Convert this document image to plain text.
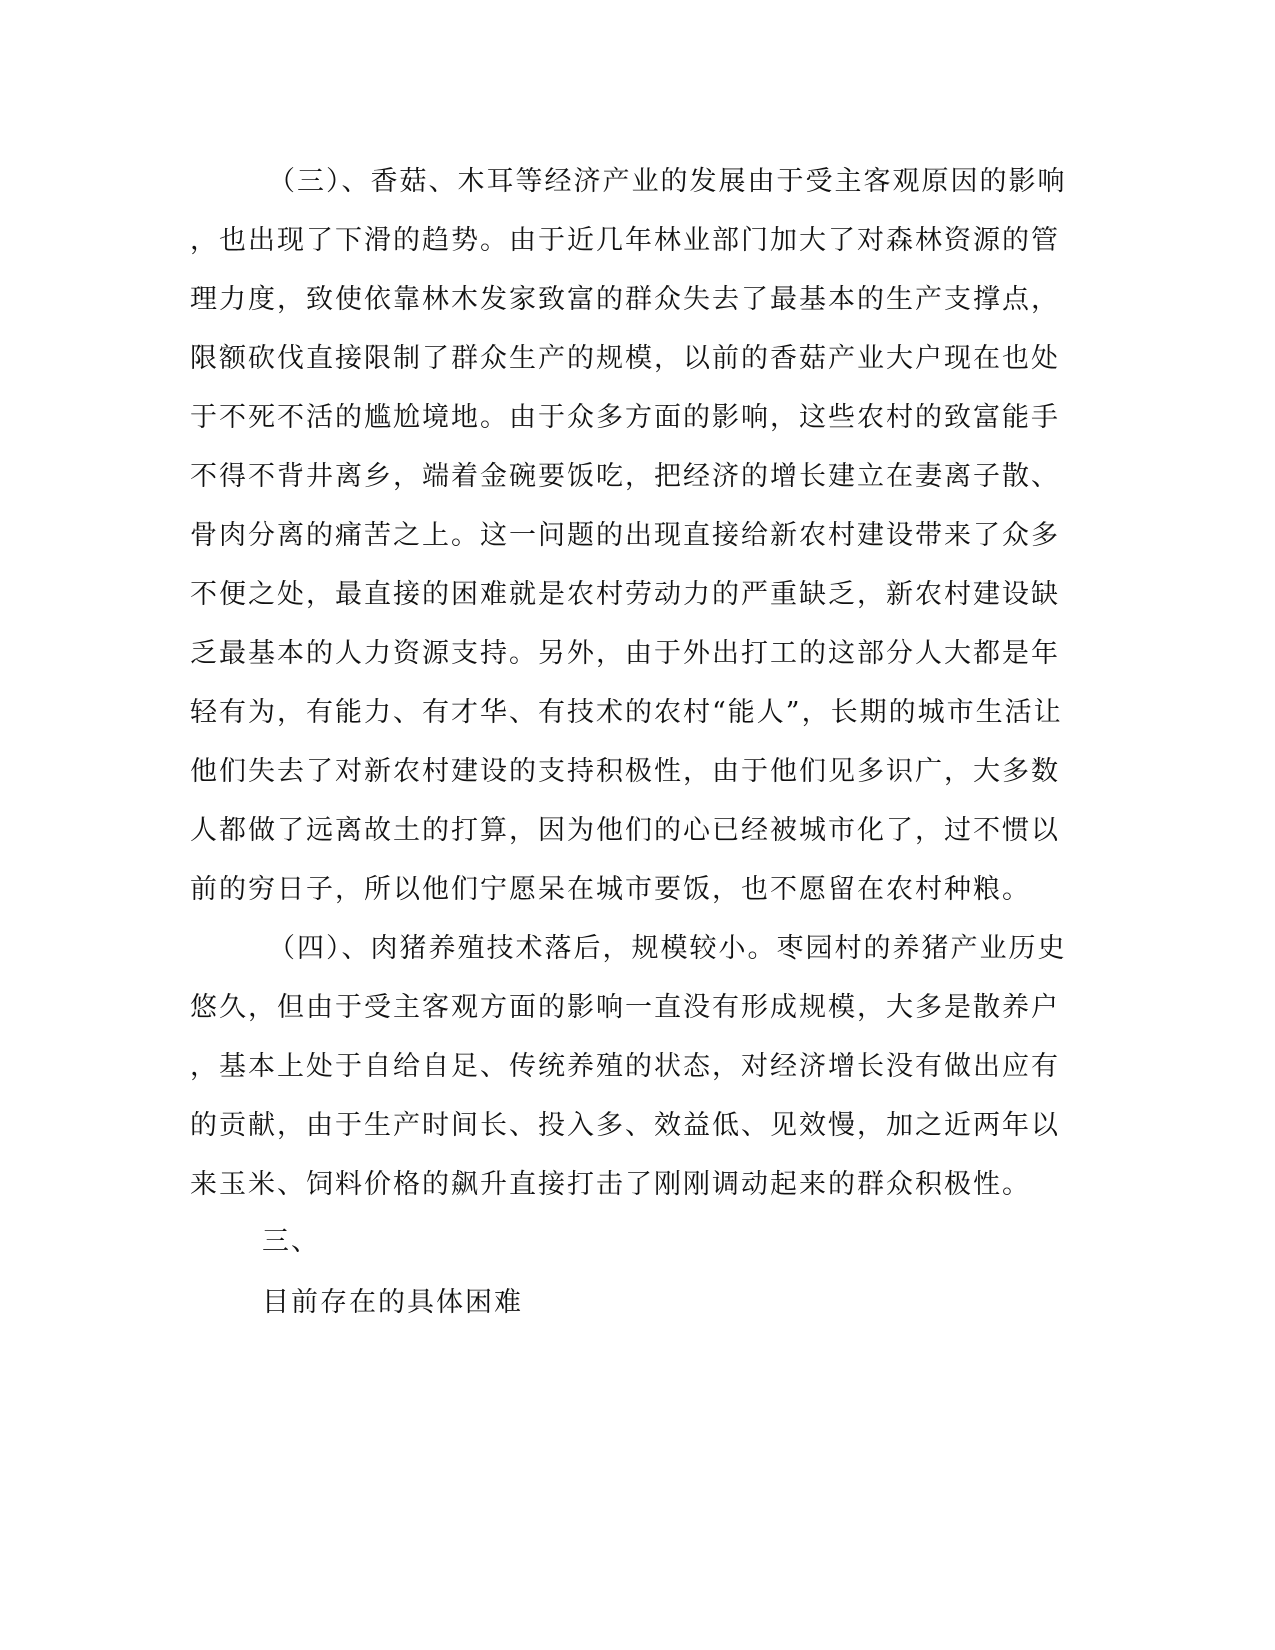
（三）、香菇、木耳等经济产业的发展由于受主客观原因的影响
，也出现了下滑的趋势。由于近几年林业部门加大了对森林资源的管
理力度，致使依靠林木发家致富的群众失去了最基本的生产支撑点，
限额砍伐直接限制了群众生产的规模，以前的香菇产业大户现在也处
于不死不活的尴尬境地。由于众多方面的影响，这些农村的致富能手
不得不背井离乡，端着金碗要饭吃，把经济的增长建立在妻离子散、
骨肉分离的痛苦之上。这一问题的出现直接给新农村建设带来了众多
不便之处，最直接的困难就是农村劳动力的严重缺乏，新农村建设缺
乏最基本的人力资源支持。另外，由于外出打工的这部分人大都是年
轻有为，有能力、有才华、有技术的农村“能人”，长期的城市生活让
他们失去了对新农村建设的支持积极性，由于他们见多识广，大多数
人都做了远离故土的打算，因为他们的心已经被城市化了，过不惯以
前的穷日子，所以他们宁愿呆在城市要饭，也不愿留在农村种粮。
（四）、肉猪养殖技术落后，规模较小。枣园村的养猪产业历史
悠久，但由于受主客观方面的影响一直没有形成规模，大多是散养户
，基本上处于自给自足、传统养殖的状态，对经济增长没有做出应有
的贡献，由于生产时间长、投入多、效益低、见效慢，加之近两年以
来玉米、饲料价格的飙升直接打击了刚刚调动起来的群众积极性。
三、
目前存在的具体困难
